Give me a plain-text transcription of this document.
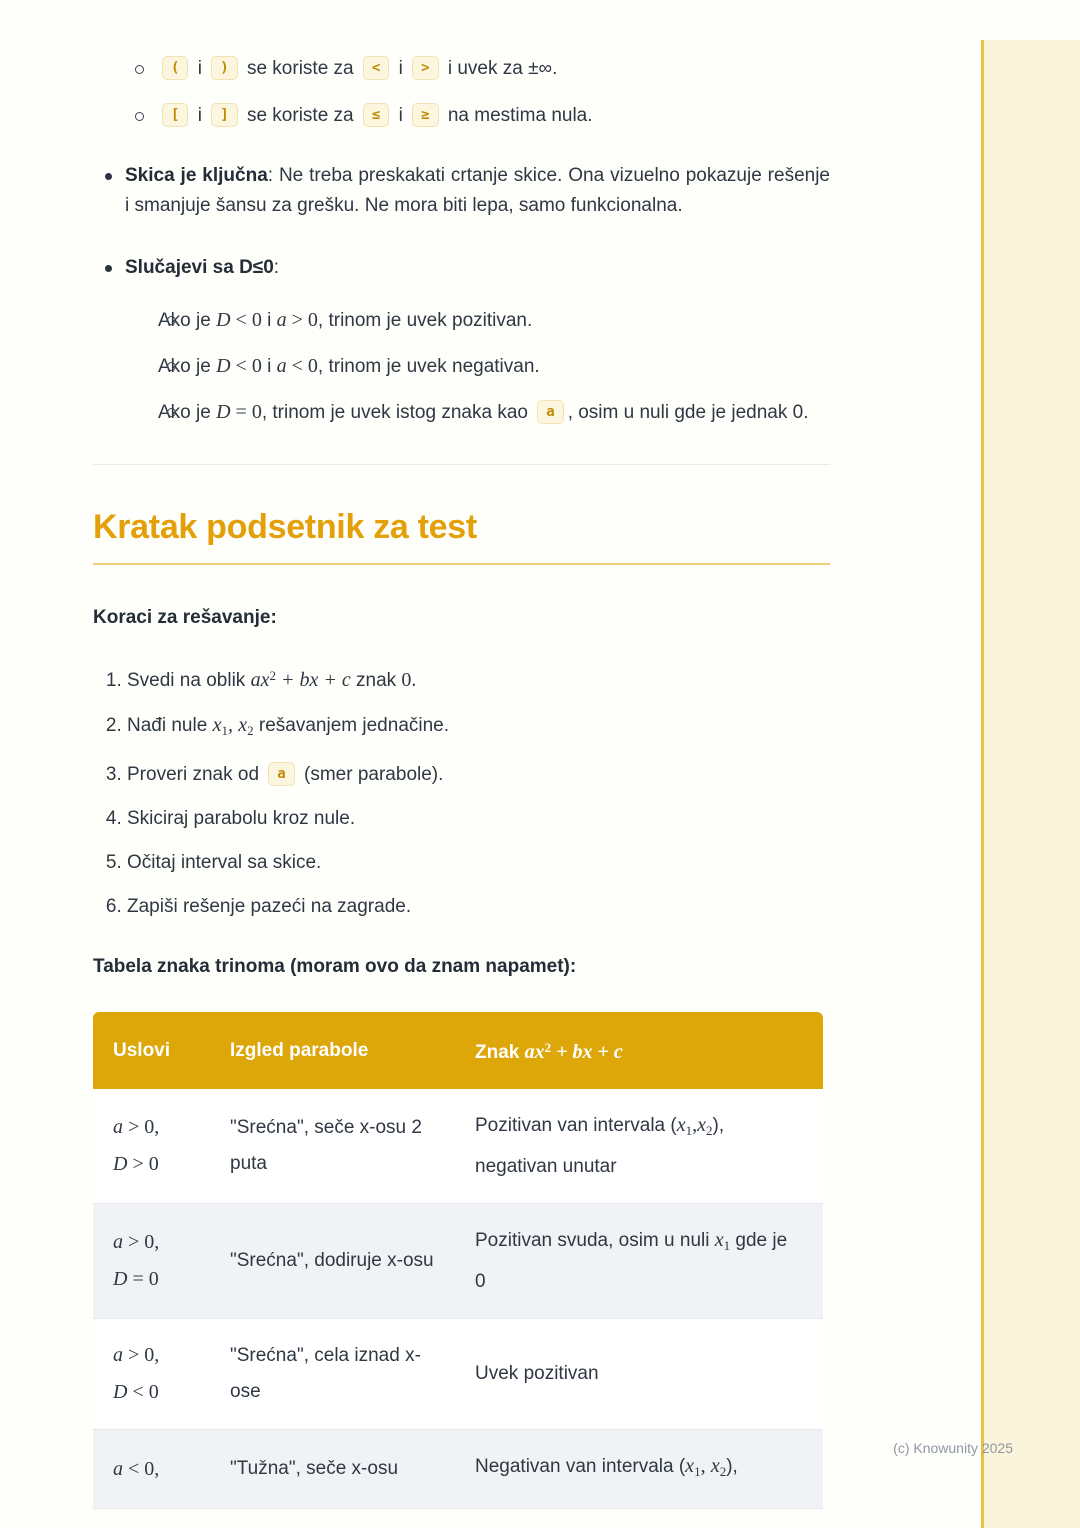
( i ) se koriste za < i > i uvek za ±∞.
[ i ] se koriste za ≤ i ≥ na mestima nula.
Skica je ključna: Ne treba preskakati crtanje skice. Ona vizuelno pokazuje rešenje i smanjuje šansu za grešku. Ne mora biti lepa, samo funkcionalna.
Slučajevi sa D≤0:
Ako je D < 0 i a > 0, trinom je uvek pozitivan.
Ako je D < 0 i a < 0, trinom je uvek negativan.
Ako je D = 0, trinom je uvek istog znaka kao a , osim u nuli gde je jednak 0.
Kratak podsetnik za test

Koraci za rešavanje:

1. Svedi na oblik $ax^2$ + bx + c znak 0.
2. Nađi nule $x_1$, $x_2$ rešavanjem jednačine.
3. Proveri znak od a (smer parabole).
4. Skiciraj parabolu kroz nule.
5. Očitaj interval sa skice.
6. Zapiši rešenje pazeći na zagrade.

Tabela znaka trinoma (moram ovo da znam napamet):

Uslovi	Izgled parabole	Znak $ax^2$ + bx + c

a > 0,
D > 0	"Srećna", seče x-osu 2 puta	Pozitivan van intervala $(x_1,x_2)$, negativan unutar

a > 0,
D = 0	"Srećna", dodiruje x-osu	Pozitivan svuda, osim u nuli $x_1$ gde je 0

a > 0,
D < 0	"Srećna", cela iznad x-ose	Uvek pozitivan

a < 0,	"Tužna", seče x-osu	Negativan van intervala ($x_1$, $x_2$),
(c) Knowunity 2025
